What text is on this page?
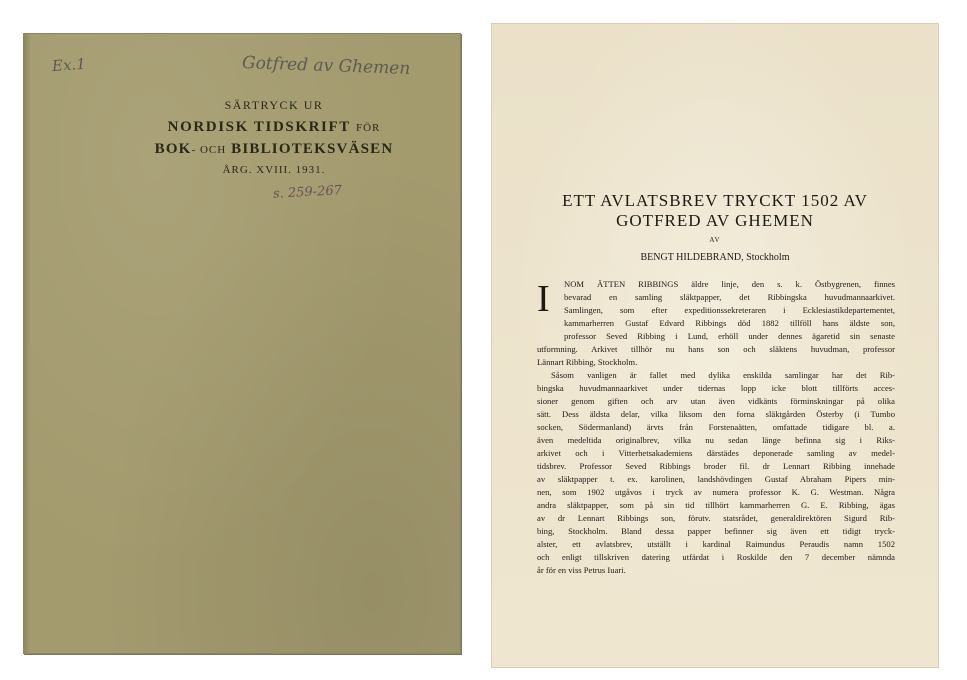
Ex.1	Gotfred av Ghemen
SÄRTRYCK UR
NORDISK TIDSKRIFT FÖR
BOK- OCH BIBLIOTEKSVÄSEN
ÅRG. XVIII. 1931.
s. 259-267	ETT AVLATSBREV TRYCKT 1502 AV
GOTFRED AV GHEMEN
AV
BENGT HILDEBRAND, Stockholm
I NOM ÄTTEN RIBBINGS äldre linje, den s. k. Östbygrenen, finnes
bevarad en samling släktpapper, det Ribbingska huvudmannaarkivet.
Samlingen, som efter expeditionssekreteraren i Ecklesiastikdepartementet,
kammarherren Gustaf Edvard Ribbings död 1882 tillföll hans äldste son,
professor Seved Ribbing i Lund, erhöll under dennes ägaretid sin senaste
utformning. Arkivet tillhör nu hans son och släktens huvudman, professor
Lännart Ribbing, Stockholm.
Såsom vanligen är fallet med dylika enskilda samlingar har det Rib-
bingska huvudmannaarkivet under tidernas lopp icke blott tillförts acces-
sioner genom giften och arv utan även vidkänts förminskningar på olika
sätt. Dess äldsta delar, vilka liksom den forna släktgården Österby (i Tumbo
socken, Södermanland) ärvts från Forstenaätten, omfattade tidigare bl. a.
även medeltida originalbrev, vilka nu sedan länge befinna sig i Riks-
arkivet och i Vitterhetsakademiens därstädes deponerade samling av medel-
tidsbrev. Professor Seved Ribbings broder fil. dr Lennart Ribbing innehade
av släktpapper t. ex. karolinen, landshövdingen Gustaf Abraham Pipers min-
nen, som 1902 utgåvos i tryck av numera professor K. G. Westman. Några
andra släktpapper, som på sin tid tillhört kammarherren G. E. Ribbing, ägas
av dr Lennart Ribbings son, förutv. statsrådet, generaldirektören Sigurd Rib-
bing, Stockholm. Bland dessa papper befinner sig även ett tidigt tryck-
alster, ett avlatsbrev, utställt i kardinal Raimundus Peraudis namn 1502
och enligt tillskriven datering utfärdat i Roskilde den 7 december nämnda
år för en viss Petrus Iuari.
